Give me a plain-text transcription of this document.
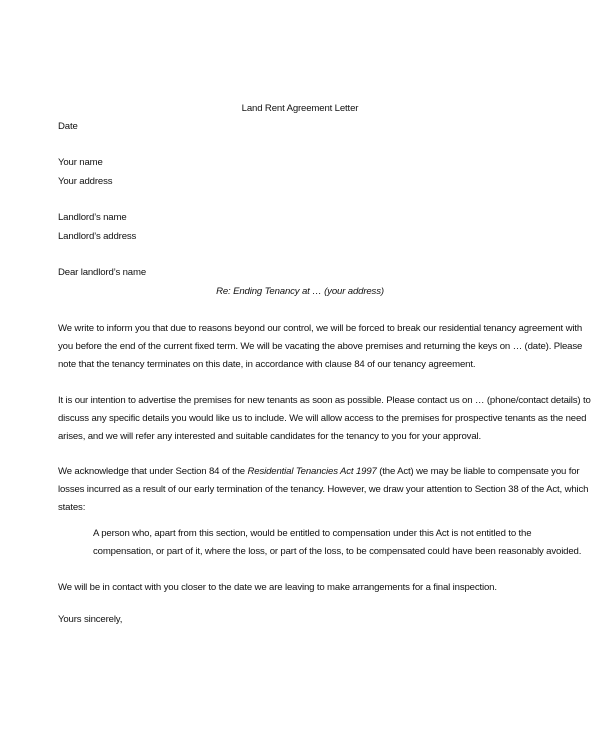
Land Rent Agreement Letter
Date
Your name
Your address
Landlord’s name
Landlord’s address
Dear landlord’s name
Re: Ending Tenancy at … (your address)
We write to inform you that due to reasons beyond our control, we will be forced to break our residential tenancy agreement with
you before the end of the current fixed term. We will be vacating the above premises and returning the keys on … (date). Please
note that the tenancy terminates on this date, in accordance with clause 84 of our tenancy agreement.
It is our intention to advertise the premises for new tenants as soon as possible. Please contact us on … (phone/contact details) to
discuss any specific details you would like us to include. We will allow access to the premises for prospective tenants as the need
arises, and we will refer any interested and suitable candidates for the tenancy to you for your approval.
We acknowledge that under Section 84 of the Residential Tenancies Act 1997 (the Act) we may be liable to compensate you for
losses incurred as a result of our early termination of the tenancy. However, we draw your attention to Section 38 of the Act, which
states:
A person who, apart from this section, would be entitled to compensation under this Act is not entitled to the
compensation, or part of it, where the loss, or part of the loss, to be compensated could have been reasonably avoided.
We will be in contact with you closer to the date we are leaving to make arrangements for a final inspection.
Yours sincerely,
